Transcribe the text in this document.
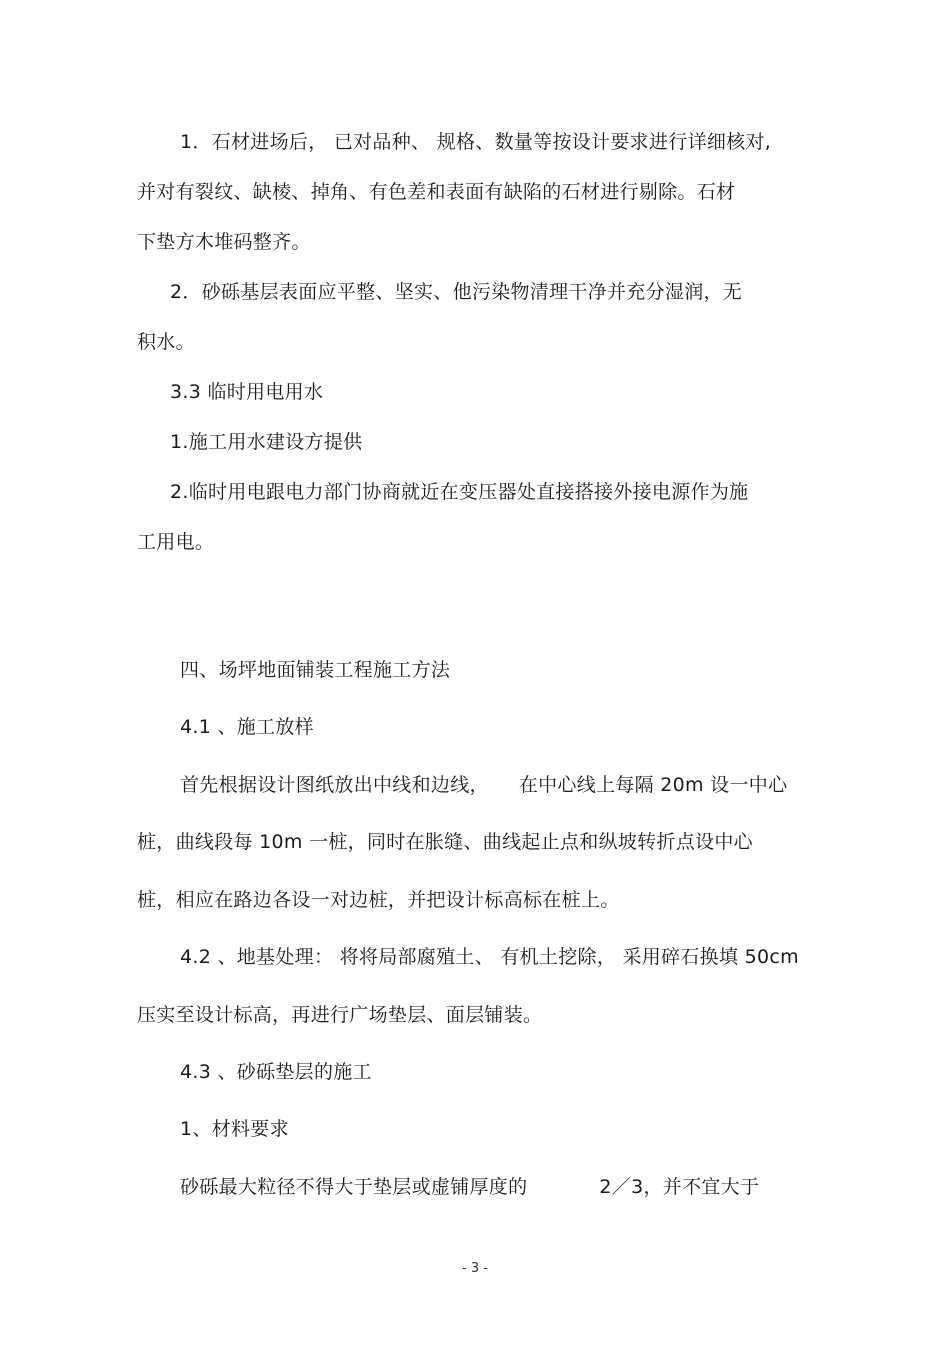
1．石材进场后， 已对品种、 规格、数量等按设计要求进行详细核对,
并对有裂纹、缺棱、掉角、有色差和表面有缺陷的石材进行剔除。石材
下垫方木堆码整齐。
2．砂砾基层表面应平整、坚实、他污染物清理干净并充分湿润，无
积水。
3.3 临时用电用水
1.施工用水建设方提供
2.临时用电跟电力部门协商就近在变压器处直接搭接外接电源作为施
工用电。
四、场坪地面铺装工程施工方法
4.1 、施工放样
首先根据设计图纸放出中线和边线， 在中心线上每隔 20m 设一中心
桩，曲线段每 10m 一桩，同时在胀缝、曲线起止点和纵坡转折点设中心
桩，相应在路边各设一对边桩，并把设计标高标在桩上。
4.2 、地基处理： 将将局部腐殖土、 有机土挖除， 采用碎石换填 50cm
压实至设计标高，再进行广场垫层、面层铺装。
4.3 、砂砾垫层的施工
1、材料要求
砂砾最大粒径不得大于垫层或虚铺厚度的	2／3，并不宜大于
- 3 -
